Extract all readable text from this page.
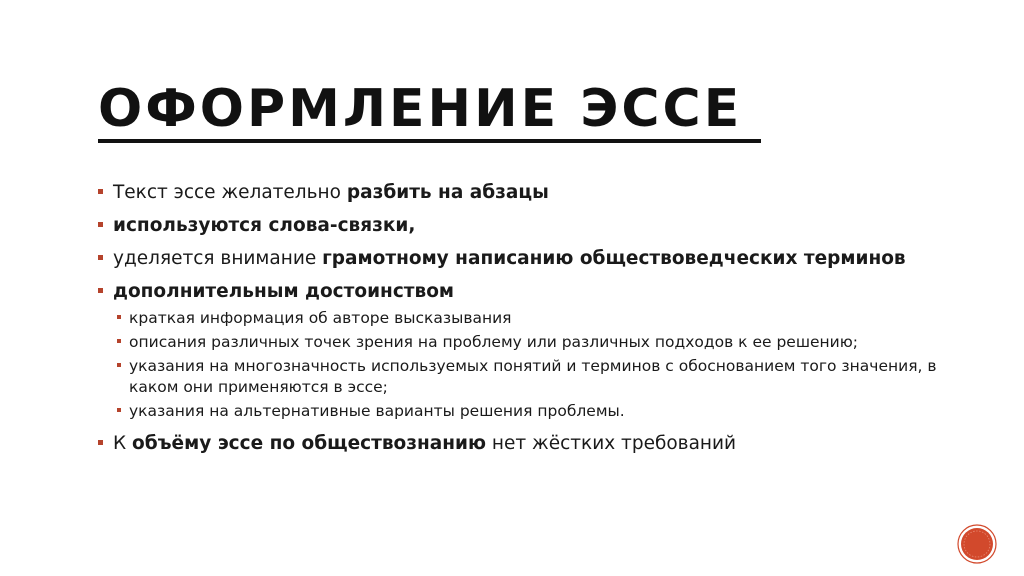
ОФОРМЛЕНИЕ ЭССЕ
Текст эссе желательно разбить на абзацы
используются слова-связки,
уделяется внимание грамотному написанию обществоведческих терминов
дополнительным достоинством
краткая информация об авторе высказывания
описания различных точек зрения на проблему или различных подходов к ее решению;
указания на многозначность используемых понятий и терминов с обоснованием того значения, в каком они применяются в эссе;
указания на альтернативные варианты решения проблемы.
К объёму эссе по обществознанию нет жёстких требований
